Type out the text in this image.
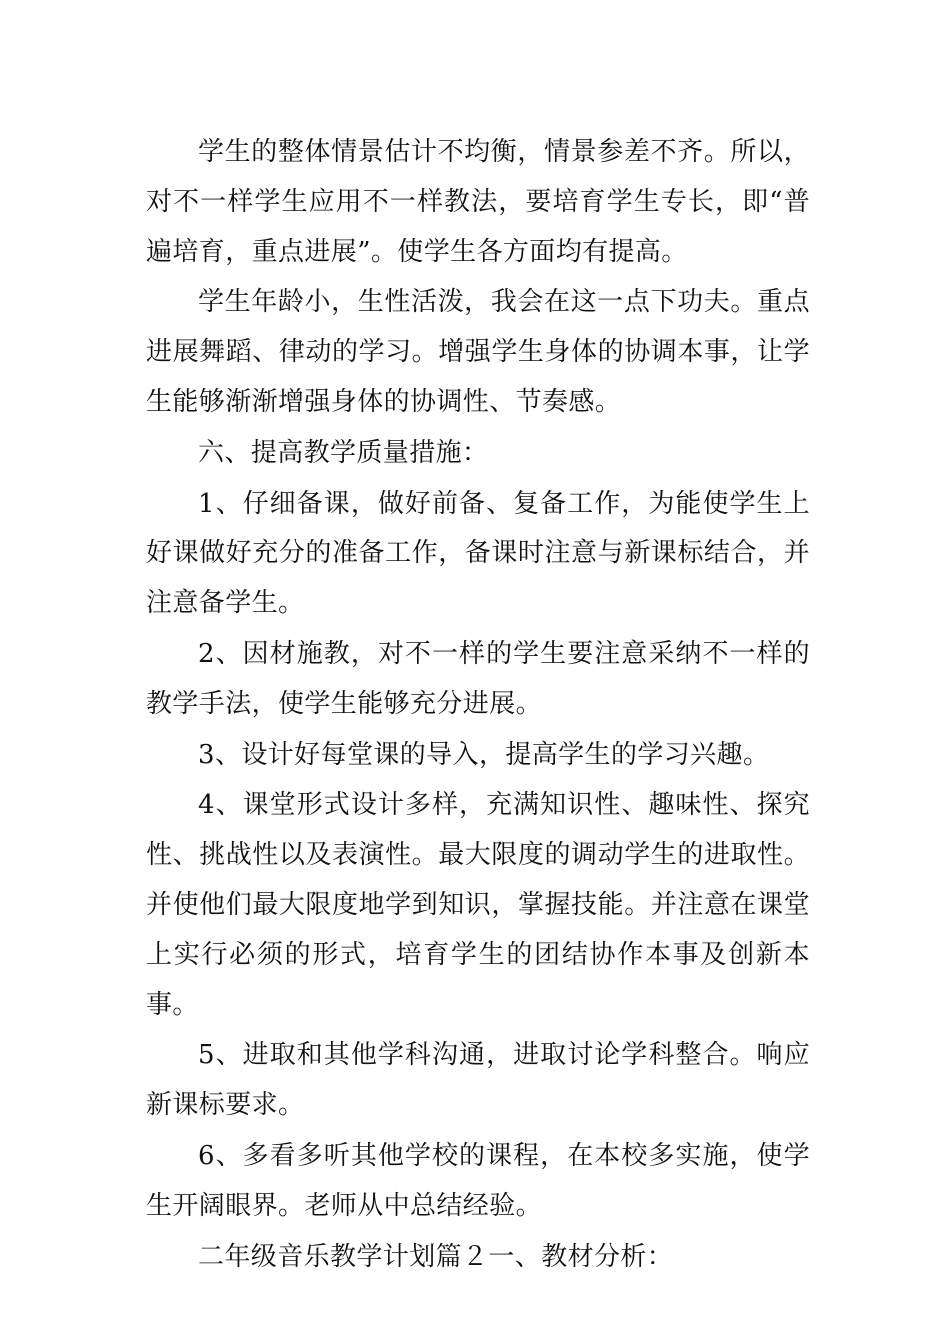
学生的整体情景估计不均衡，情景参差不齐。所以，对不一样学生应用不一样教法，要培育学生专长，即“普遍培育，重点进展”。使学生各方面均有提高。

学生年龄小，生性活泼，我会在这一点下功夫。重点进展舞蹈、律动的学习。增强学生身体的协调本事，让学生能够渐渐增强身体的协调性、节奏感。

六、提高教学质量措施：

1、仔细备课，做好前备、复备工作，为能使学生上好课做好充分的准备工作，备课时注意与新课标结合，并注意备学生。

2、因材施教，对不一样的学生要注意采纳不一样的教学手法，使学生能够充分进展。

3、设计好每堂课的导入，提高学生的学习兴趣。

4、课堂形式设计多样，充满知识性、趣味性、探究性、挑战性以及表演性。最大限度的调动学生的进取性。并使他们最大限度地学到知识，掌握技能。并注意在课堂上实行必须的形式，培育学生的团结协作本事及创新本事。

5、进取和其他学科沟通，进取讨论学科整合。响应新课标要求。

6、多看多听其他学校的课程，在本校多实施，使学生开阔眼界。老师从中总结经验。

二年级音乐教学计划篇２一、教材分析：
